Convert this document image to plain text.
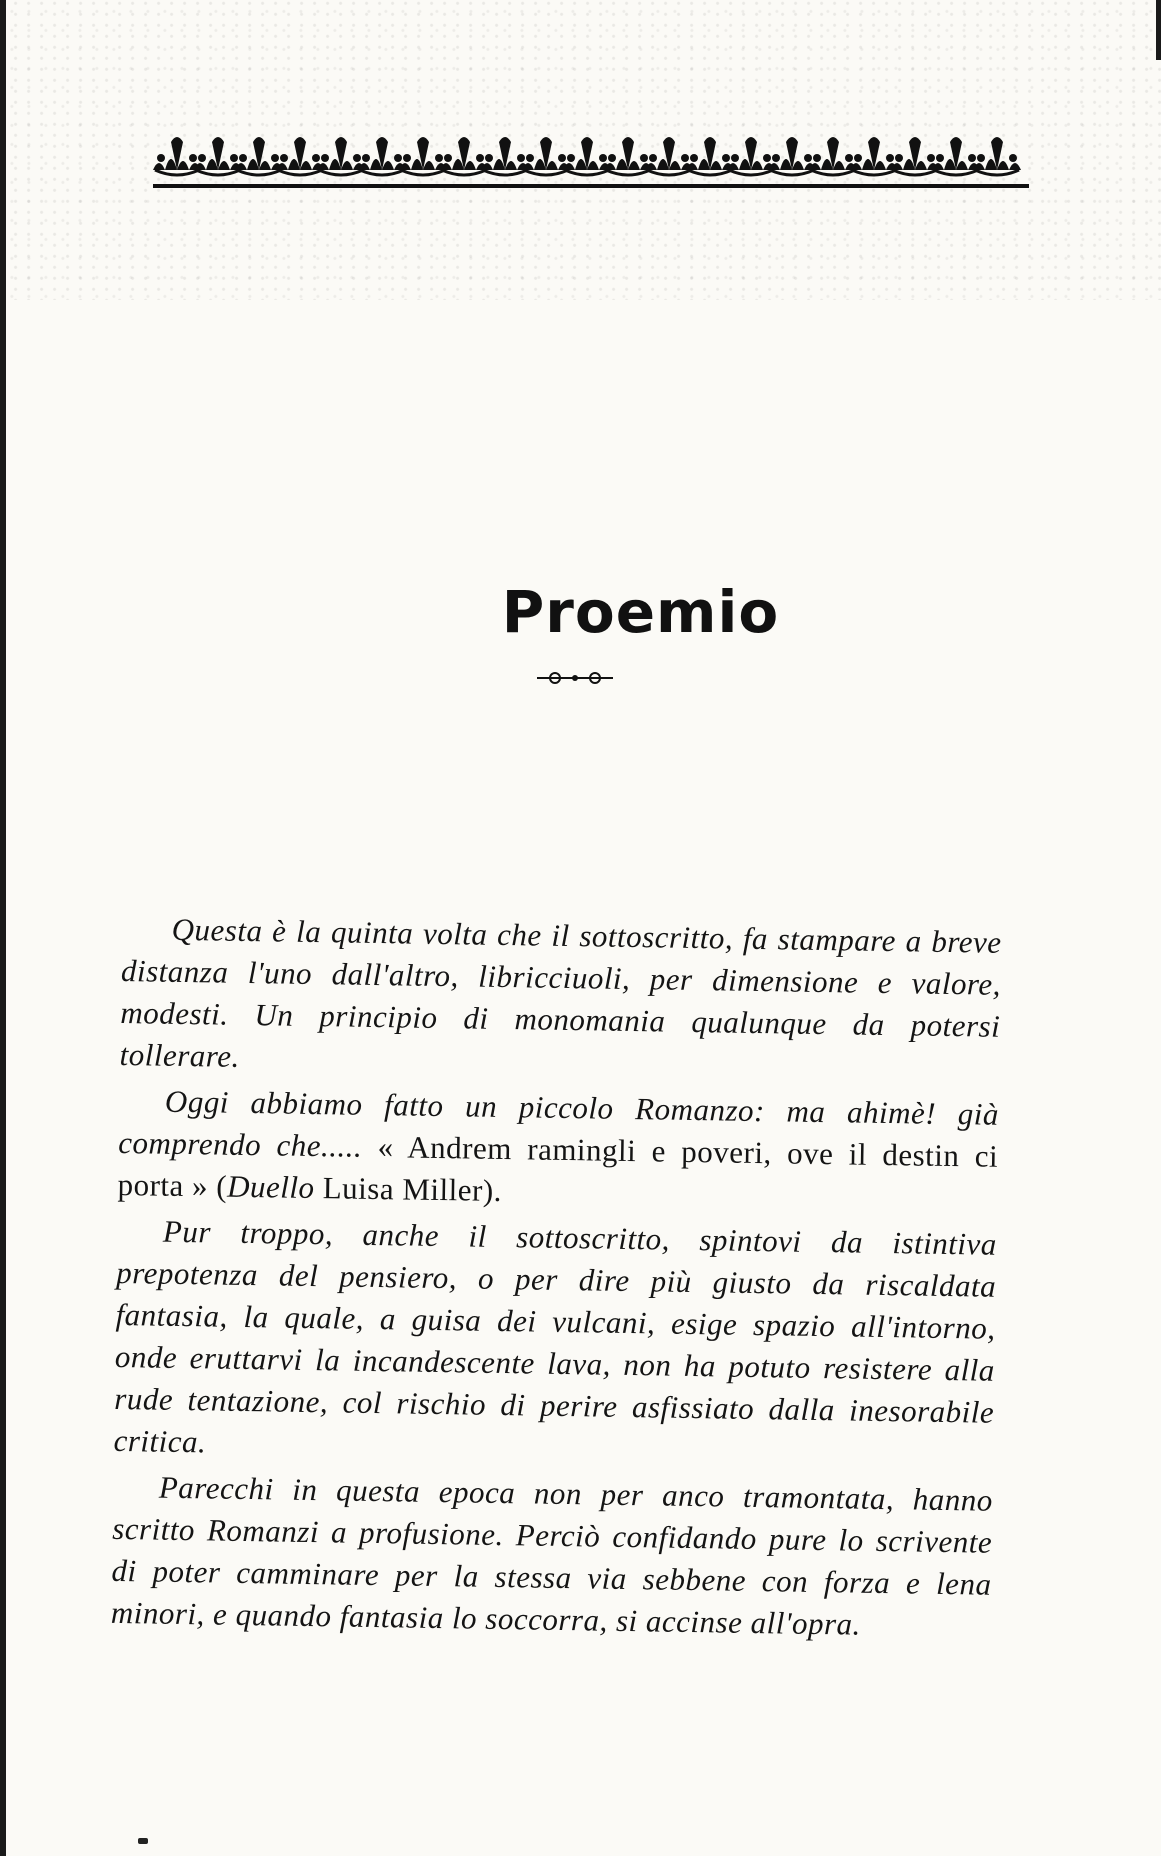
Proemio

Questa è la quinta volta che il sottoscritto, fa stampare a breve distanza l'uno dall'altro, libricciuoli, per dimensione e valore, modesti. Un principio di monomania qualunque da potersi tollerare.

Oggi abbiamo fatto un piccolo Romanzo: ma ahimè! già comprendo che..... « Andrem ramingli e poveri, ove il destin ci porta » (Duello Luisa Miller).

Pur troppo, anche il sottoscritto, spintovi da istintiva prepotenza del pensiero, o per dire più giusto da riscaldata fantasia, la quale, a guisa dei vulcani, esige spazio all'intorno, onde eruttarvi la incandescente lava, non ha potuto resistere alla rude tentazione, col rischio di perire asfissiato dalla inesorabile critica.

Parecchi in questa epoca non per anco tramontata, hanno scritto Romanzi a profusione. Perciò confidando pure lo scrivente di poter camminare per la stessa via sebbene con forza e lena minori, e quando fantasia lo soccorra, si accinse all'opra.
